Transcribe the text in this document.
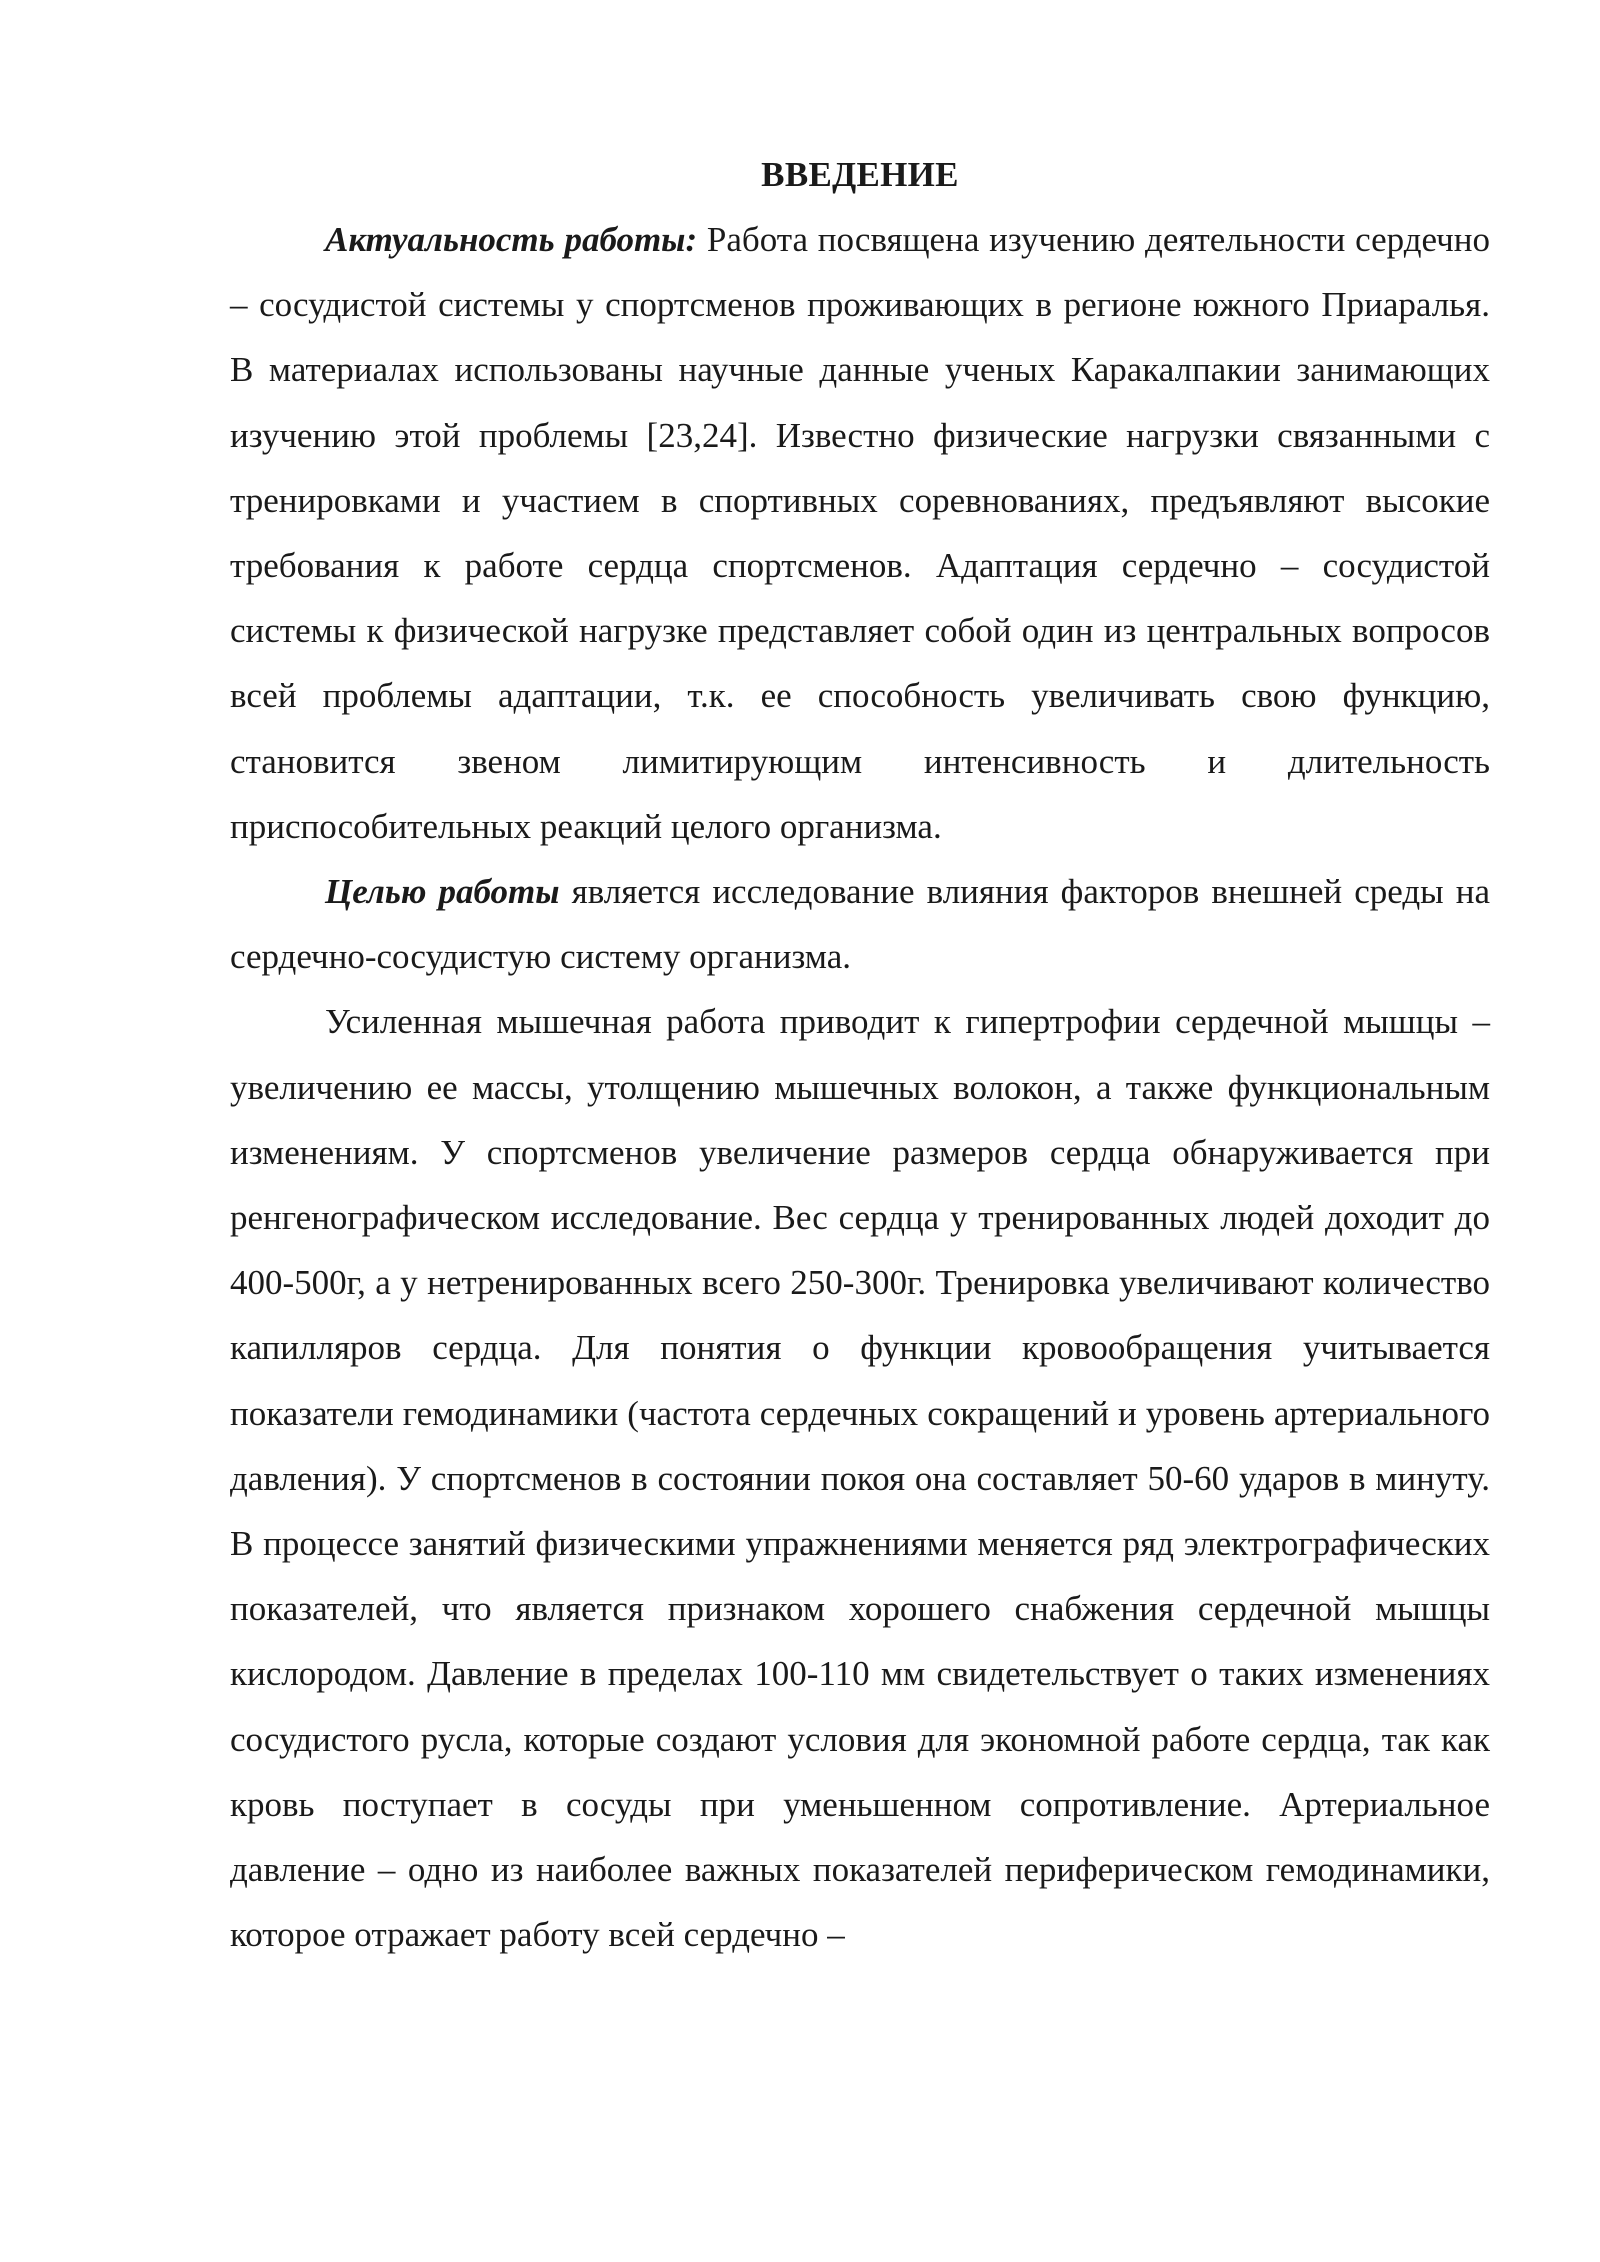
ВВЕДЕНИЕ

Актуальность работы: Работа посвящена изучению деятельности сердечно – сосудистой системы у спортсменов проживающих в регионе южного Приаралья. В материалах использованы научные данные ученых Каракалпакии занимающих изучению этой проблемы [23,24]. Известно физические нагрузки связанными с тренировками и участием в спортивных соревнованиях, предъявляют высокие требования к работе сердца спортсменов. Адаптация сердечно – сосудистой системы к физической нагрузке представляет собой один из центральных вопросов всей проблемы адаптации, т.к. ее способность увеличивать свою функцию, становится звеном лимитирующим интенсивность и длительность приспособительных реакций целого организма.

Целью работы является исследование влияния факторов внешней среды на сердечно-сосудистую систему организма.

Усиленная мышечная работа приводит к гипертрофии сердечной мышцы – увеличению ее массы, утолщению мышечных волокон, а также функциональным изменениям. У спортсменов увеличение размеров сердца обнаруживается при ренгенографическом исследование. Вес сердца у тренированных людей доходит до 400-500г, а у нетренированных всего 250-300г. Тренировка увеличивают количество капилляров сердца. Для понятия о функции кровообращения учитывается показатели гемодинамики (частота сердечных сокращений и уровень артериального давления). У спортсменов в состоянии покоя она составляет 50-60 ударов в минуту. В процессе занятий физическими упражнениями меняется ряд электрографических показателей, что является признаком хорошего снабжения сердечной мышцы кислородом. Давление в пределах 100-110 мм свидетельствует о таких изменениях сосудистого русла, которые создают условия для экономной работе сердца, так как кровь поступает в сосуды при уменьшенном сопротивление. Артериальное давление – одно из наиболее важных показателей периферическом гемодинамики, которое отражает работу всей сердечно –
